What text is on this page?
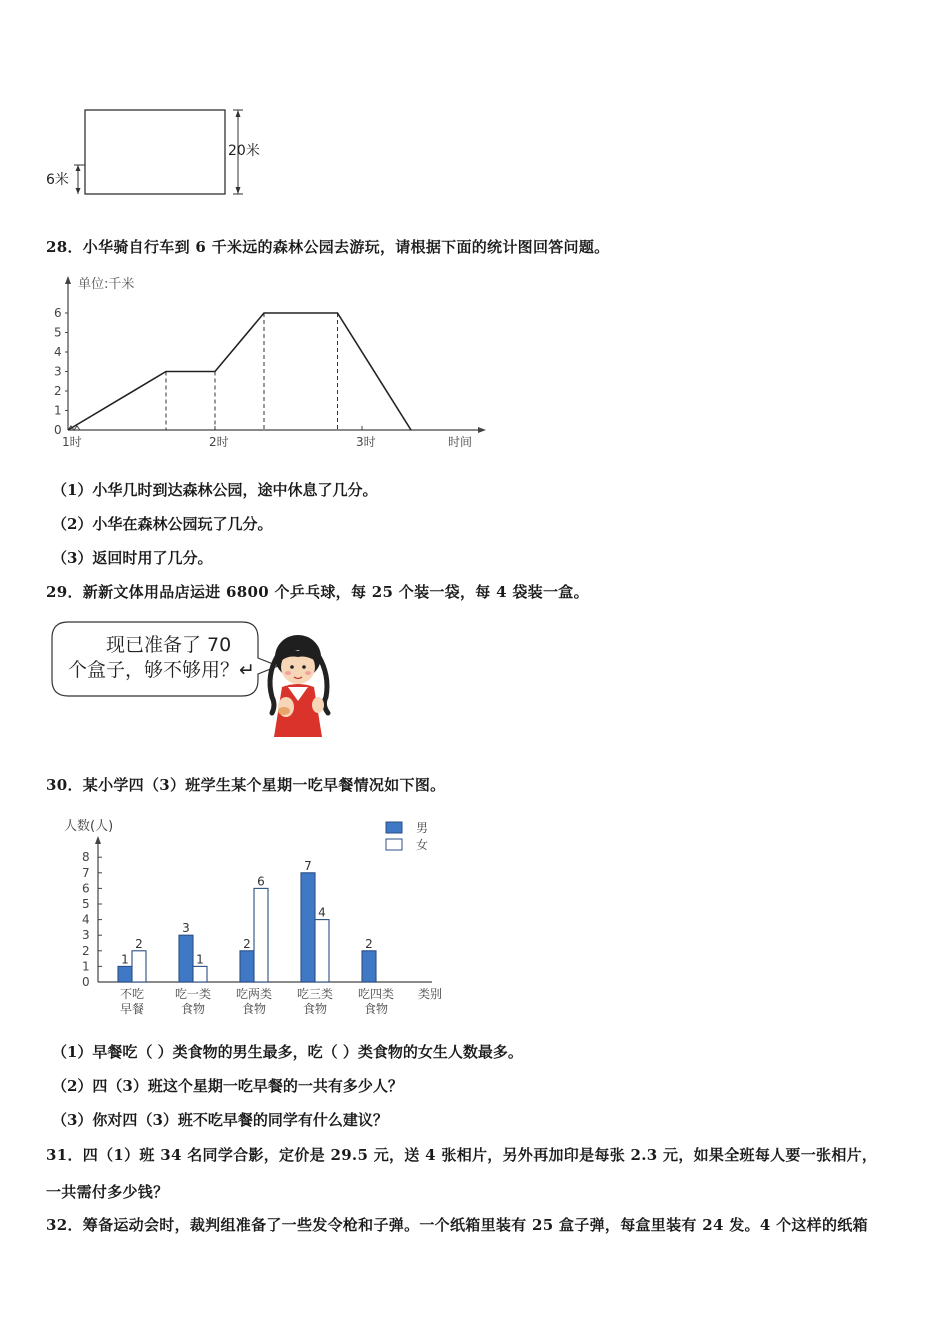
20米
6米
28．小华骑自行车到 6 千米远的森林公园去游玩，请根据下面的统计图回答问题。
单位:千米
0
1
2
3
4
5
6
1时	2时	3时	时间
（1）小华几时到达森林公园，途中休息了几分。
（2）小华在森林公园玩了几分。
（3）返回时用了几分。
29．新新文体用品店运进 6800 个乒乓球，每 25 个装一袋，每 4 袋装一盒。
现已准备了 70
个盒子，够不够用？↵
30．某小学四（3）班学生某个星期一吃早餐情况如下图。
人数(人)
0
1
2
3
4
5
6
7
8
1
2
不吃
早餐
3
1
吃一类
食物
2
6
吃两类
食物
7
4
吃三类
食物
2
吃四类
食物
类别
男
女
（1）早餐吃（ ）类食物的男生最多，吃（ ）类食物的女生人数最多。
（2）四（3）班这个星期一吃早餐的一共有多少人？
（3）你对四（3）班不吃早餐的同学有什么建议？
31．四（1）班 34 名同学合影，定价是 29.5 元，送 4 张相片，另外再加印是每张 2.3 元，如果全班每人要一张相片，
一共需付多少钱？
32．筹备运动会时，裁判组准备了一些发令枪和子弹。一个纸箱里装有 25 盒子弹，每盒里装有 24 发。4 个这样的纸箱
